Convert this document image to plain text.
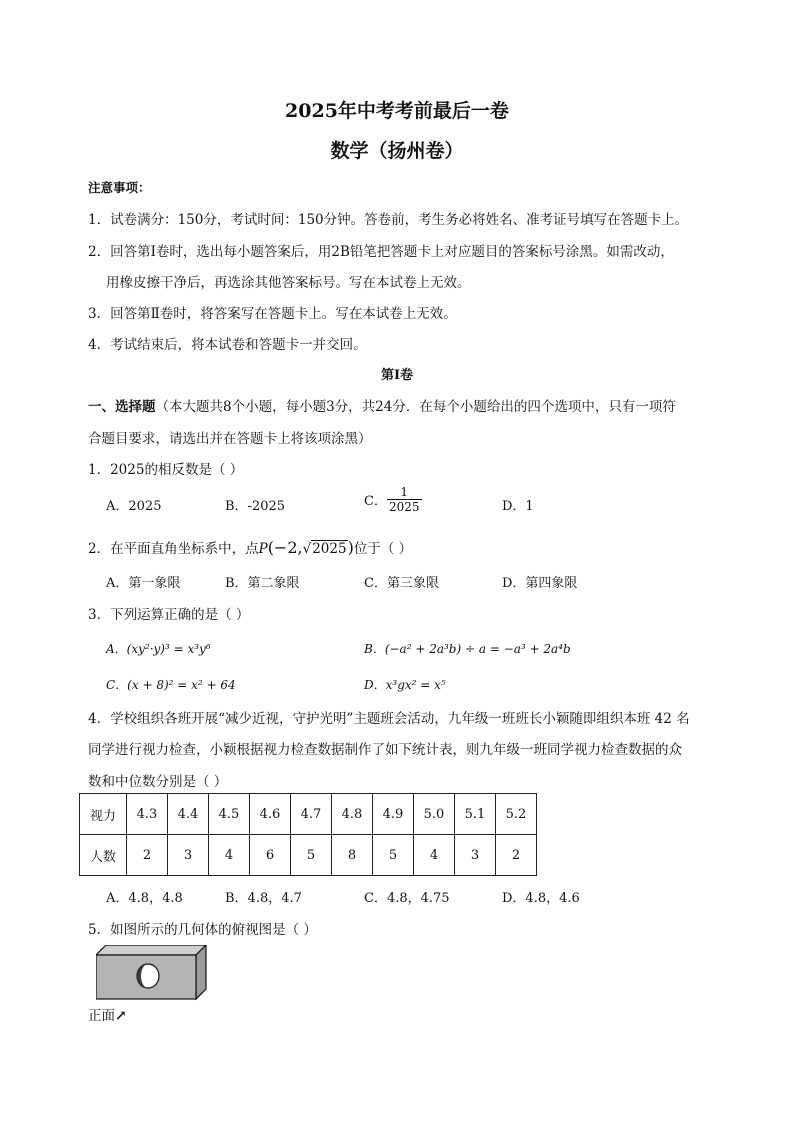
2025年中考考前最后一卷
数学（扬州卷）
注意事项：
1．试卷满分：150分，考试时间：150分钟。答卷前，考生务必将姓名、准考证号填写在答题卡上。
2．回答第Ⅰ卷时，选出每小题答案后，用2B铅笔把答题卡上对应题目的答案标号涂黑。如需改动，
用橡皮擦干净后，再选涂其他答案标号。写在本试卷上无效。
3．回答第Ⅱ卷时，将答案写在答题卡上。写在本试卷上无效。
4．考试结束后，将本试卷和答题卡一并交回。
第Ⅰ卷
一、选择题（本大题共8个小题，每小题3分，共24分．在每个小题给出的四个选项中，只有一项符
合题目要求，请选出并在答题卡上将该项涂黑）
1．2025的相反数是（ ）
A．2025	B．-2025	C． $\frac{1}{2025}$	D．1
2．在平面直角坐标系中，点P(−2,√2025)位于（ ）
A．第一象限	B．第二象限	C．第三象限	D．第四象限
3．下列运算正确的是（ ）
A．(xy²·y)³ = x³y⁶	B．(−a² + 2a³b) ÷ a = −a³ + 2a⁴b
C．(x + 8)² = x² + 64	D．x³gx² = x⁵
4．学校组织各班开展“减少近视，守护光明”主题班会活动，九年级一班班长小颖随即组织本班 42 名
同学进行视力检查，小颖根据视力检查数据制作了如下统计表，则九年级一班同学视力检查数据的众
数和中位数分别是（ ）
视力	4.3	4.4	4.5	4.6	4.7	4.8	4.9	5.0	5.1	5.2
人数	2	3	4	6	5	8	5	4	3	2
A．4.8，4.8	B．4.8，4.7	C．4.8，4.75	D．4.8，4.6
5．如图所示的几何体的俯视图是（ ）
正面↗
